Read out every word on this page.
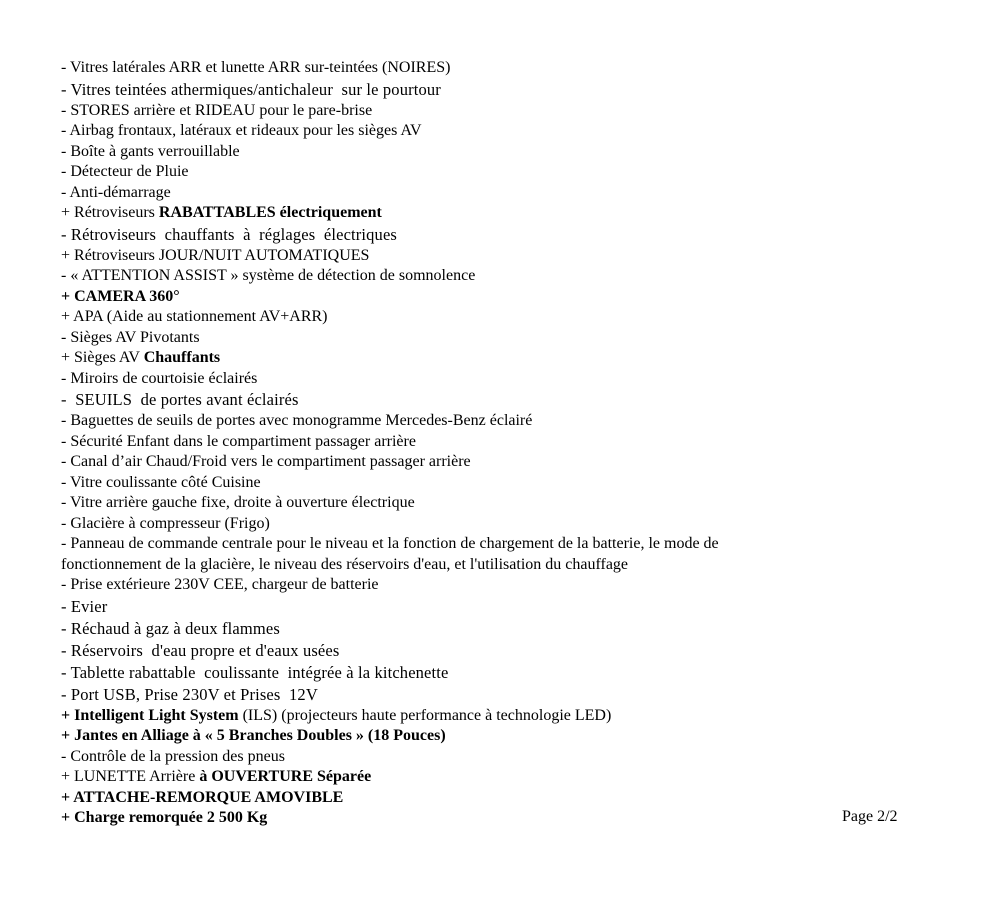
- Vitres latérales ARR et lunette ARR sur-teintées (NOIRES)
- Vitres teintées athermiques/antichaleur  sur le pourtour
- STORES arrière et RIDEAU pour le pare-brise
- Airbag frontaux, latéraux et rideaux pour les sièges AV
- Boîte à gants verrouillable
- Détecteur de Pluie
- Anti-démarrage
+ Rétroviseurs RABATTABLES électriquement
- Rétroviseurs  chauffants  à  réglages  électriques
+ Rétroviseurs JOUR/NUIT AUTOMATIQUES
- « ATTENTION ASSIST » système de détection de somnolence
+ CAMERA 360°
+ APA (Aide au stationnement AV+ARR)
- Sièges AV Pivotants
+ Sièges AV Chauffants
- Miroirs de courtoisie éclairés
-  SEUILS  de portes avant éclairés
- Baguettes de seuils de portes avec monogramme Mercedes-Benz éclairé
- Sécurité Enfant dans le compartiment passager arrière
- Canal d’air Chaud/Froid vers le compartiment passager arrière
- Vitre coulissante côté Cuisine
- Vitre arrière gauche fixe, droite à ouverture électrique
- Glacière à compresseur (Frigo)
- Panneau de commande centrale pour le niveau et la fonction de chargement de la batterie, le mode de fonctionnement de la glacière, le niveau des réservoirs d'eau, et l'utilisation du chauffage
- Prise extérieure 230V CEE, chargeur de batterie
- Evier
- Réchaud à gaz à deux flammes
- Réservoirs  d'eau propre et d'eaux usées
- Tablette rabattable  coulissante  intégrée à la kitchenette
- Port USB, Prise 230V et Prises  12V
+ Intelligent Light System (ILS) (projecteurs haute performance à technologie LED)
+ Jantes en Alliage à « 5 Branches Doubles » (18 Pouces)
- Contrôle de la pression des pneus
+ LUNETTE Arrière à OUVERTURE Séparée
+ ATTACHE-REMORQUE AMOVIBLE
+ Charge remorquée 2 500 Kg	Page 2/2
